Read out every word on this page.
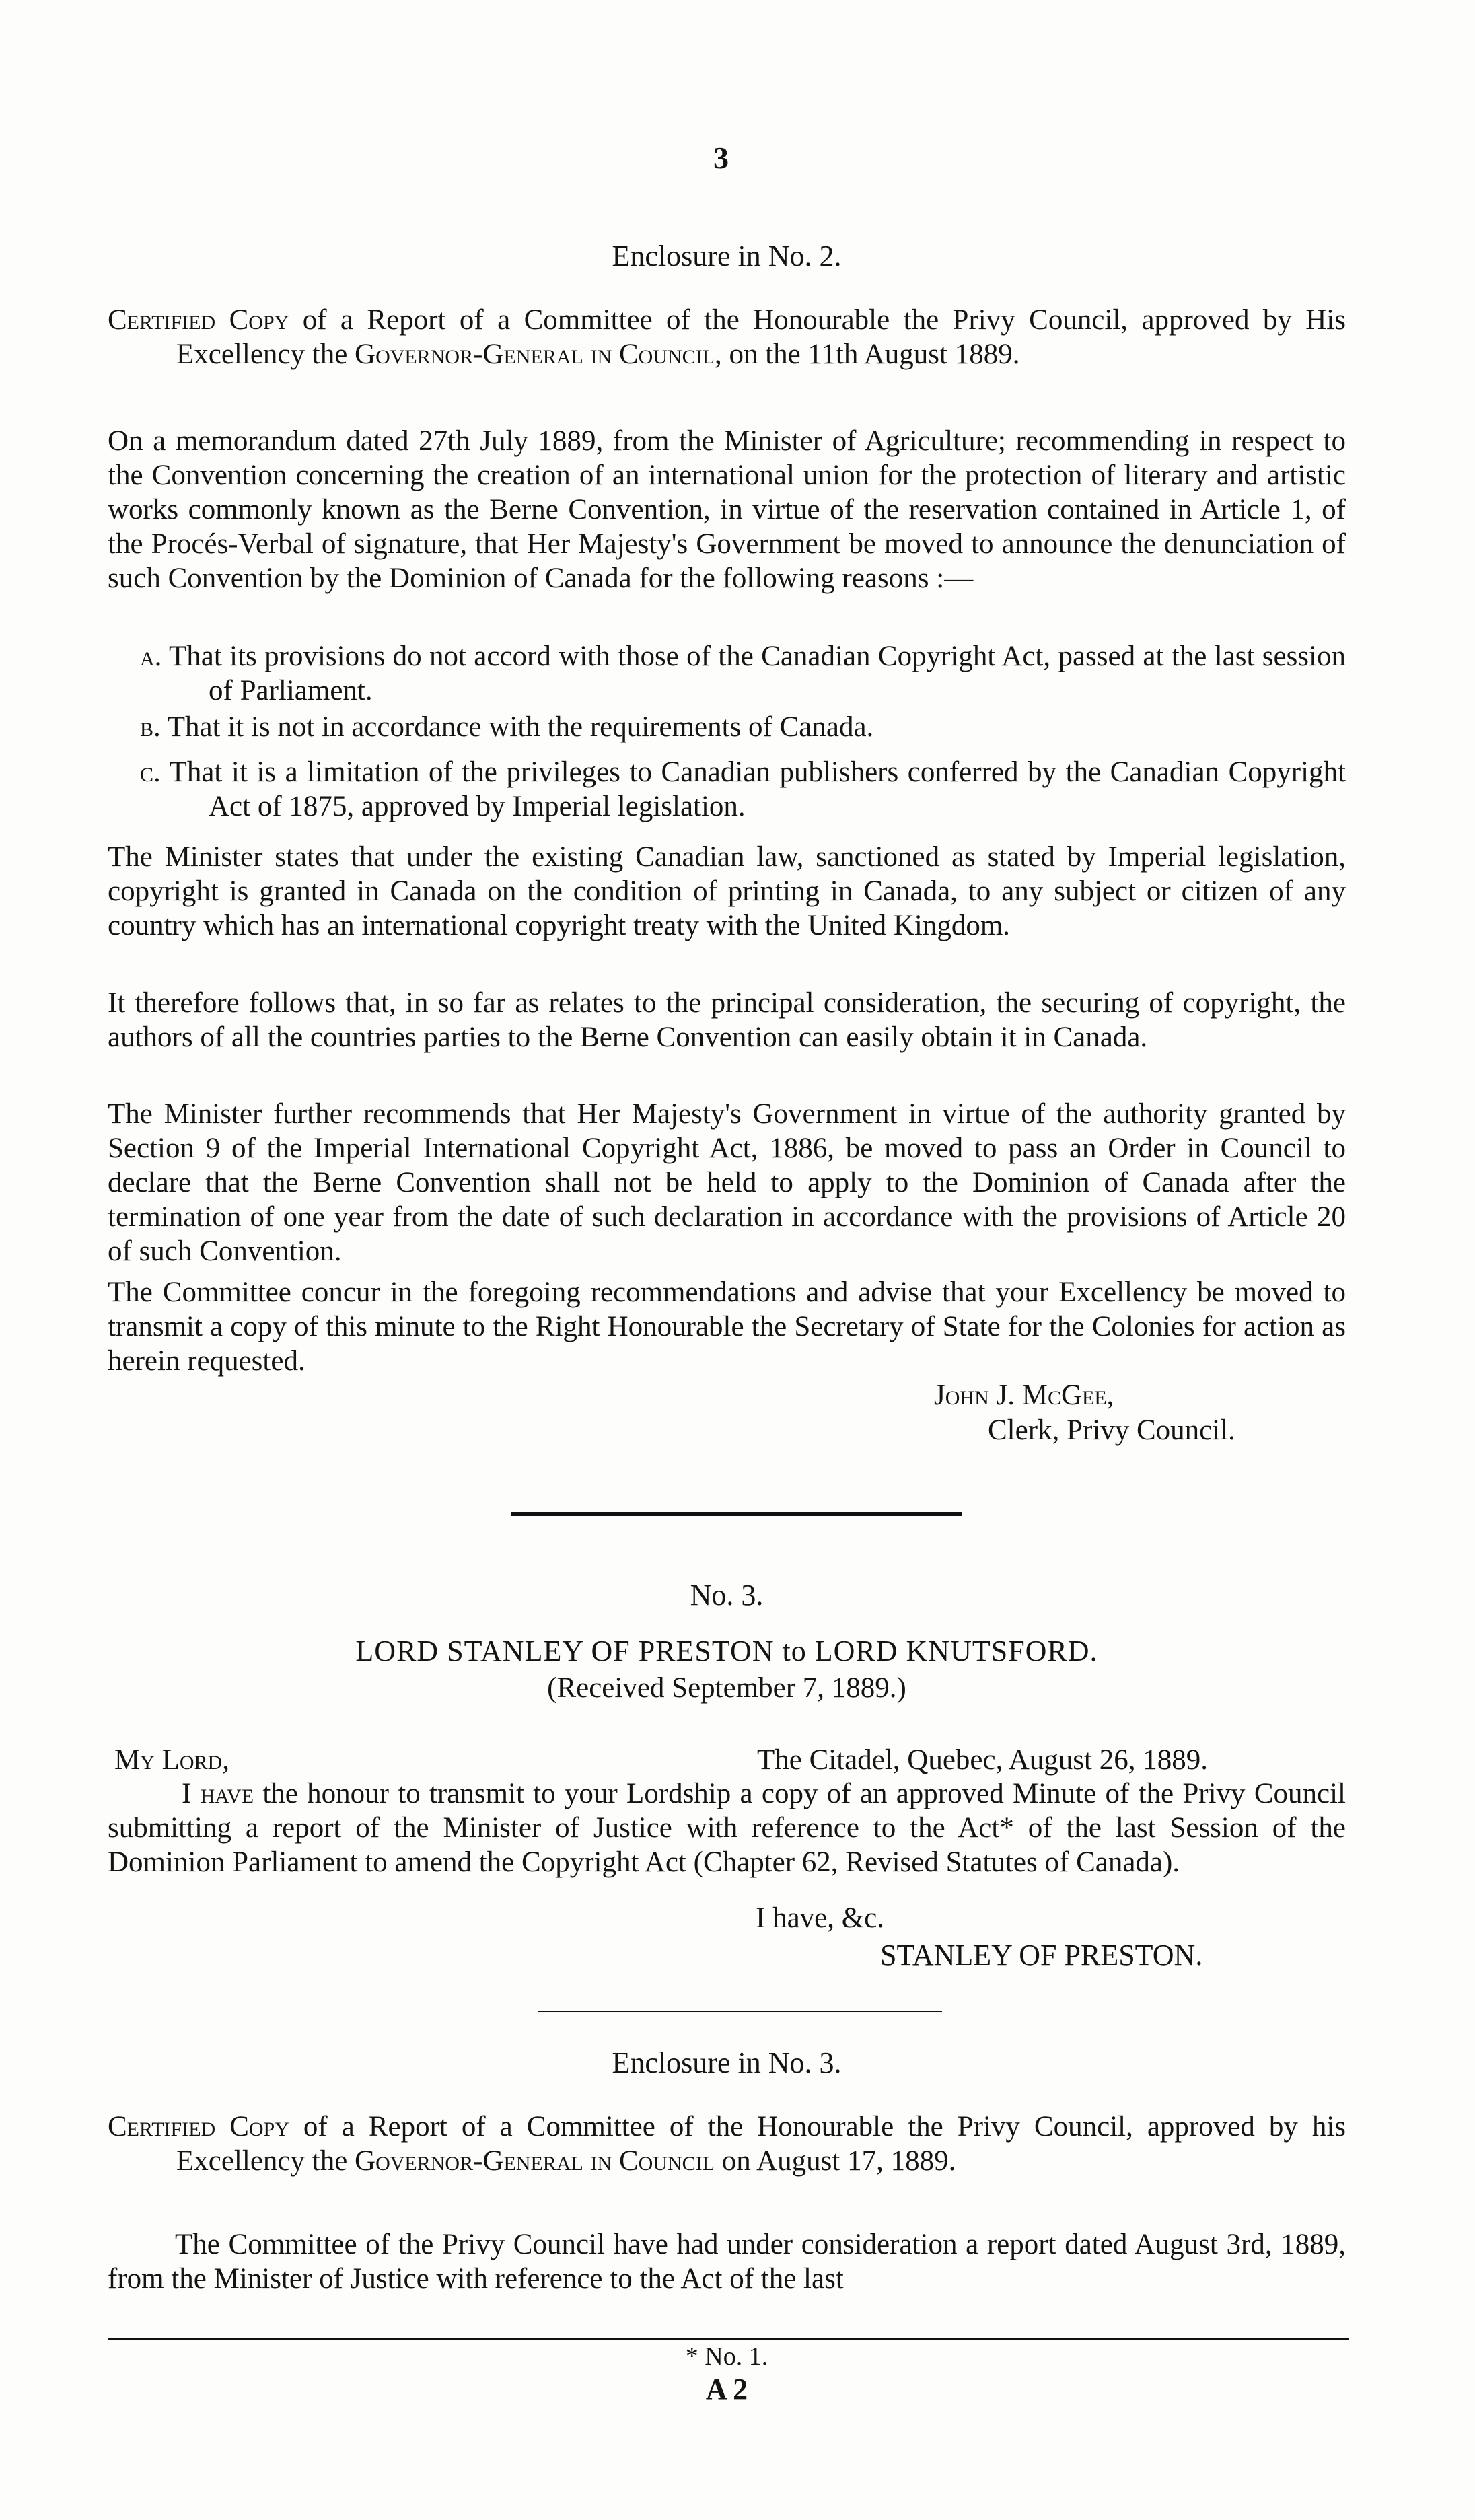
3
Enclosure in No. 2.
Certified Copy of a Report of a Committee of the Honourable the Privy Council, approved by His Excellency the Governor-General in Council, on the 11th August 1889.
On a memorandum dated 27th July 1889, from the Minister of Agriculture; recommending in respect to the Convention concerning the creation of an international union for the protection of literary and artistic works commonly known as the Berne Convention, in virtue of the reservation contained in Article 1, of the Procés-Verbal of signature, that Her Majesty's Government be moved to announce the denunciation of such Convention by the Dominion of Canada for the following reasons :—
a. That its provisions do not accord with those of the Canadian Copyright Act, passed at the last session of Parliament.
b. That it is not in accordance with the requirements of Canada.
c. That it is a limitation of the privileges to Canadian publishers conferred by the Canadian Copyright Act of 1875, approved by Imperial legislation.
The Minister states that under the existing Canadian law, sanctioned as stated by Imperial legislation, copyright is granted in Canada on the condition of printing in Canada, to any subject or citizen of any country which has an international copyright treaty with the United Kingdom.
It therefore follows that, in so far as relates to the principal consideration, the securing of copyright, the authors of all the countries parties to the Berne Convention can easily obtain it in Canada.
The Minister further recommends that Her Majesty's Government in virtue of the authority granted by Section 9 of the Imperial International Copyright Act, 1886, be moved to pass an Order in Council to declare that the Berne Convention shall not be held to apply to the Dominion of Canada after the termination of one year from the date of such declaration in accordance with the provisions of Article 20 of such Convention.
The Committee concur in the foregoing recommendations and advise that your Excellency be moved to transmit a copy of this minute to the Right Honourable the Secretary of State for the Colonies for action as herein requested.
John J. McGee,
Clerk, Privy Council.
No. 3.
LORD STANLEY OF PRESTON to LORD KNUTSFORD.
(Received September 7, 1889.)
My Lord,	The Citadel, Quebec, August 26, 1889.
I have the honour to transmit to your Lordship a copy of an approved Minute of the Privy Council submitting a report of the Minister of Justice with reference to the Act* of the last Session of the Dominion Parliament to amend the Copyright Act (Chapter 62, Revised Statutes of Canada).
I have, &c.
STANLEY OF PRESTON.
Enclosure in No. 3.
Certified Copy of a Report of a Committee of the Honourable the Privy Council, approved by his Excellency the Governor-General in Council on August 17, 1889.
The Committee of the Privy Council have had under consideration a report dated August 3rd, 1889, from the Minister of Justice with reference to the Act of the last
* No. 1.
A 2
